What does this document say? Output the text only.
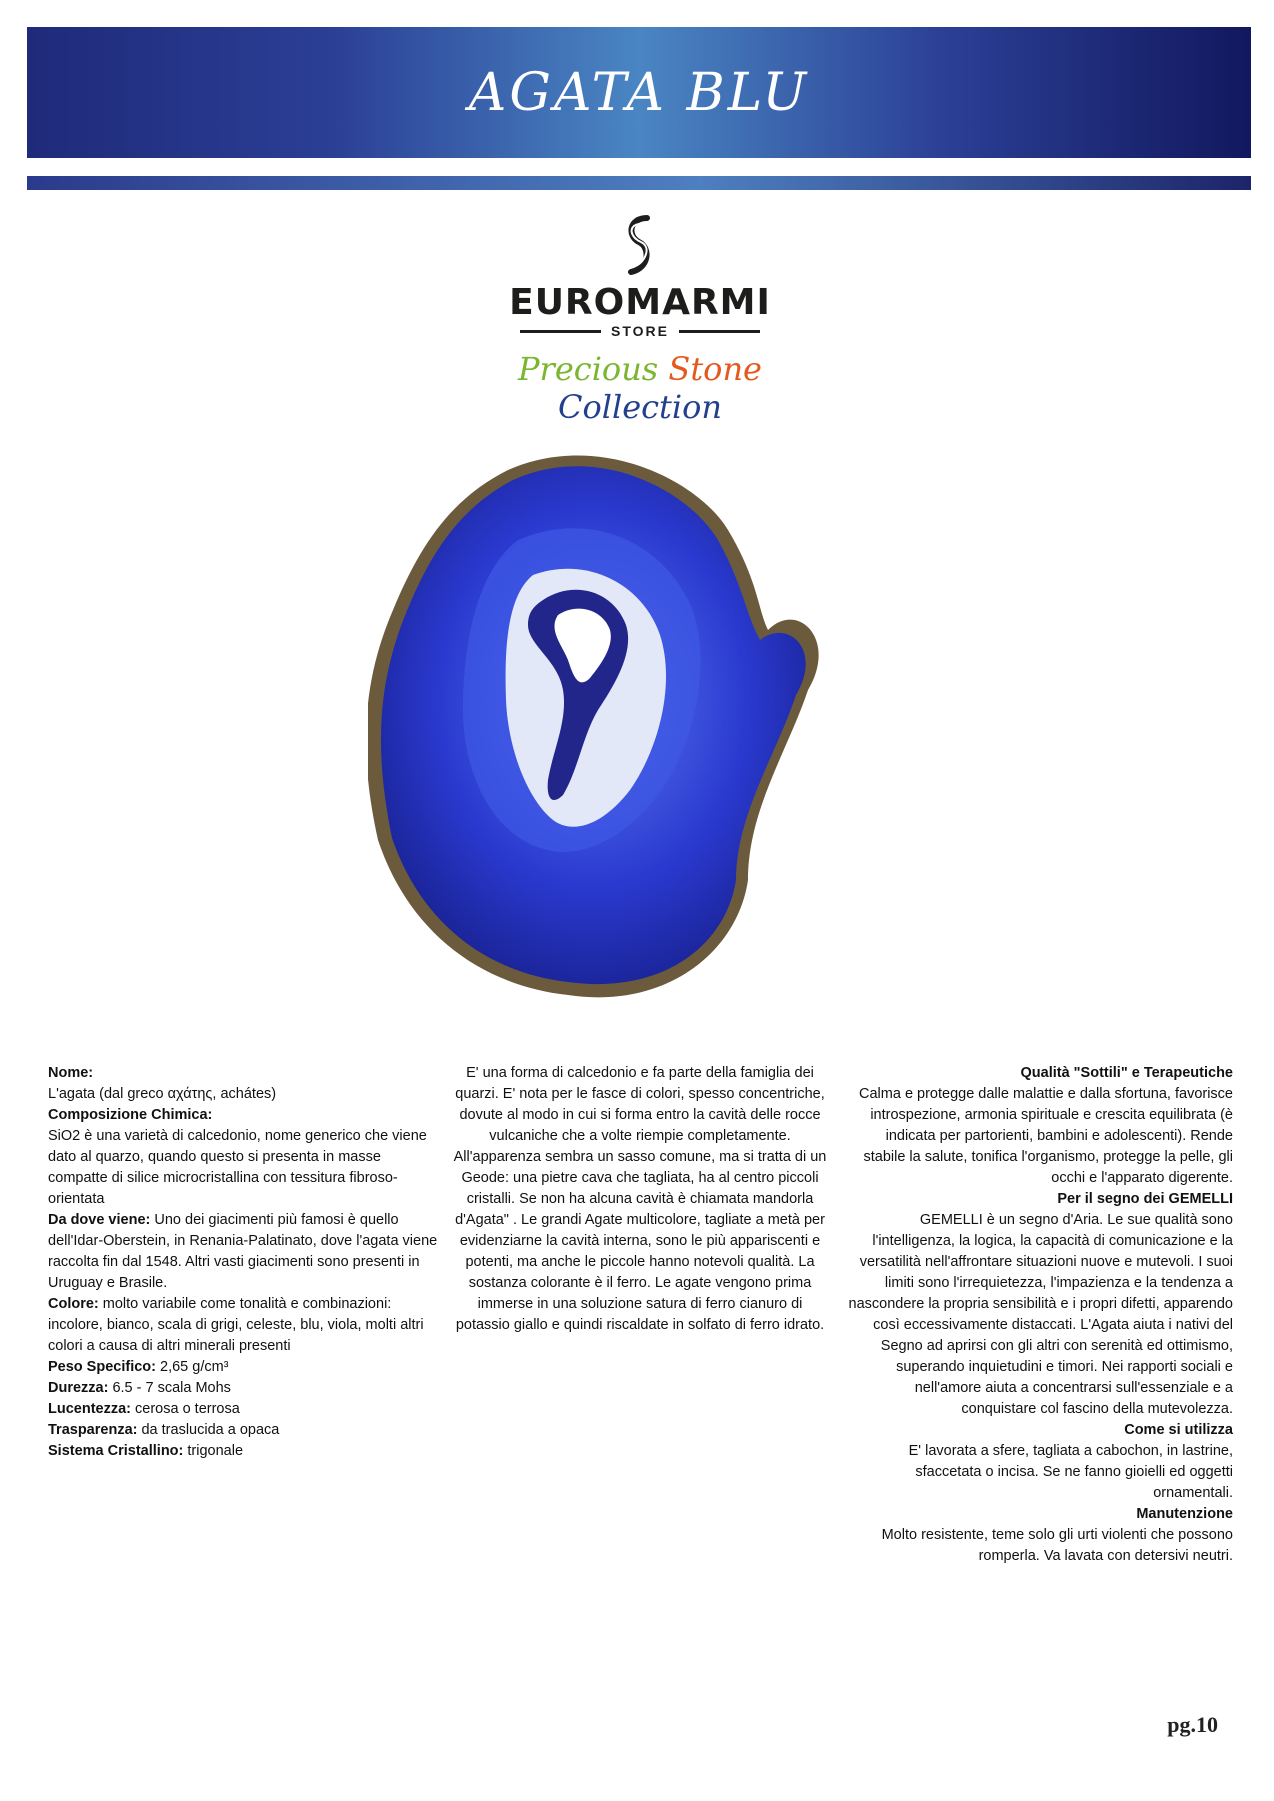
AGATA BLU
EUROMARMI
STORE
Precious Stone Collection

Nome:

L'agata (dal greco αχάτης, achátes)

Composizione Chimica:

SiO2 è una varietà di calcedonio, nome generico che viene dato al quarzo, quando questo si presenta in masse compatte di silice microcristallina con tessitura fibroso-orientata

Da dove viene: Uno dei giacimenti più famosi è quello dell'Idar-Oberstein, in Renania-Palatinato, dove l'agata viene raccolta fin dal 1548. Altri vasti giacimenti sono presenti in Uruguay e Brasile.

Colore: molto variabile come tonalità e combinazioni: incolore, bianco, scala di grigi, celeste, blu, viola, molti altri colori a causa di altri minerali presenti

Peso Specifico: 2,65 g/cm³

Durezza: 6.5 - 7 scala Mohs

Lucentezza: cerosa o terrosa

Trasparenza: da traslucida a opaca

Sistema Cristallino: trigonale

E' una forma di calcedonio e fa parte della famiglia dei quarzi. E' nota per le fasce di colori, spesso concentriche, dovute al modo in cui si forma entro la cavità delle rocce vulcaniche che a volte riempie completamente. All'apparenza sembra un sasso comune, ma si tratta di un Geode: una pietre cava che tagliata, ha al centro piccoli cristalli. Se non ha alcuna cavità è chiamata mandorla d'Agata" . Le grandi Agate multicolore, tagliate a metà per evidenziarne la cavità interna, sono le più appariscenti e potenti, ma anche le piccole hanno notevoli qualità. La sostanza colorante è il ferro. Le agate vengono prima immerse in una soluzione satura di ferro cianuro di potassio giallo e quindi riscaldate in solfato di ferro idrato.

Qualità "Sottili" e Terapeutiche

Calma e protegge dalle malattie e dalla sfortuna, favorisce introspezione, armonia spirituale e crescita equilibrata (è indicata per partorienti, bambini e adolescenti). Rende stabile la salute, tonifica l'organismo, protegge la pelle, gli occhi e l'apparato digerente.

Per il segno dei GEMELLI

GEMELLI è un segno d'Aria. Le sue qualità sono l'intelligenza, la logica, la capacità di comunicazione e la versatilità nell'affrontare situazioni nuove e mutevoli. I suoi limiti sono l'irrequietezza, l'impazienza e la tendenza a nascondere la propria sensibilità e i propri difetti, apparendo così eccessivamente distaccati. L'Agata aiuta i nativi del Segno ad aprirsi con gli altri con serenità ed ottimismo, superando inquietudini e timori. Nei rapporti sociali e nell'amore aiuta a concentrarsi sull'essenziale e a conquistare col fascino della mutevolezza.

Come si utilizza

E' lavorata a sfere, tagliata a cabochon, in lastrine, sfaccetata o incisa. Se ne fanno gioielli ed oggetti ornamentali.

Manutenzione

Molto resistente, teme solo gli urti violenti che possono romperla. Va lavata con detersivi neutri.

pg.10
